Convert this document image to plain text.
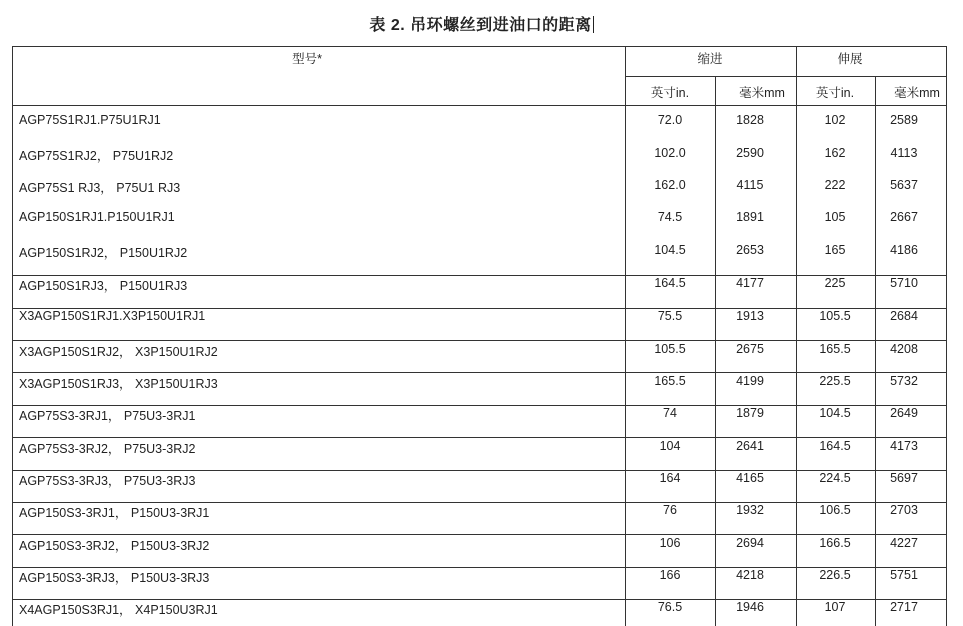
表 2. 吊环螺丝到进油口的距离
型号*	缩进	伸展
英寸in.	毫米mm 英寸in.	毫米mm
AGP75S1RJ1.P75U1RJ1	72.0	1828	102	2589
AGP75S1RJ2， P75U1RJ2	102.0	2590	162	4113
AGP75S1 RJ3， P75U1 RJ3	162.0	4115	222	5637
AGP150S1RJ1.P150U1RJ1	74.5	1891	105	2667
AGP150S1RJ2， P150U1RJ2	104.5	2653	165	4186
AGP150S1RJ3， P150U1RJ3	164.5	4177	225	5710
X3AGP150S1RJ1.X3P150U1RJ1	75.5	1913	105.5	2684
X3AGP150S1RJ2， X3P150U1RJ2	105.5	2675	165.5	4208
X3AGP150S1RJ3， X3P150U1RJ3	165.5	4199	225.5	5732
AGP75S3-3RJ1， P75U3-3RJ1	74	1879	104.5	2649
AGP75S3-3RJ2， P75U3-3RJ2	104	2641	164.5	4173
AGP75S3-3RJ3， P75U3-3RJ3	164	4165	224.5	5697
AGP150S3-3RJ1， P150U3-3RJ1	76	1932	106.5	2703
AGP150S3-3RJ2， P150U3-3RJ2	106	2694	166.5	4227
AGP150S3-3RJ3， P150U3-3RJ3	166	4218	226.5	5751
X4AGP150S3RJ1， X4P150U3RJ1	76.5	1946	107	2717
